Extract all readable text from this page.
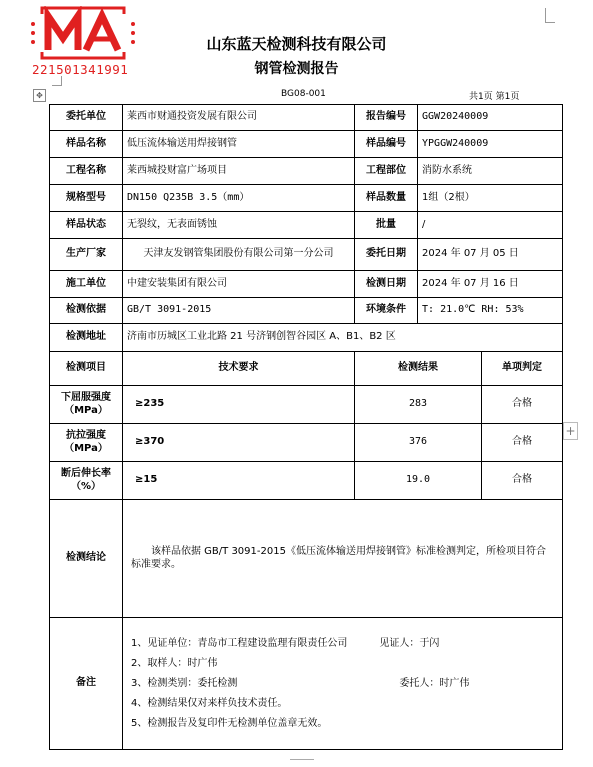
221501341991
山东蓝天检测科技有限公司
钢管检测报告
✥	BG08-001	共1页 第1页
委托单位	莱西市财通投资发展有限公司	报告编号	GGW20240009	
样品名称	低压流体输送用焊接钢管	样品编号	YPGGW240009	
工程名称	莱西城投财富广场项目	工程部位	消防水系统	
规格型号	DN150 Q235B 3.5（mm）	样品数量	1组（2根）	
样品状态	无裂纹，无表面锈蚀	批量	/	
生产厂家	天津友发钢管集团股份有限公司第一分公司	委托日期	2024 年 07 月 05 日	
施工单位	中建安装集团有限公司	检测日期	2024 年 07 月 16 日	
检测依据	GB/T 3091-2015	环境条件	T: 21.0℃ RH: 53%	
检测地址	济南市历城区工业北路 21 号济钢创智谷园区 A、B1、B2 区			
检测项目	技术要求	检测结果		单项判定
下屈服强度
（MPa）	≥235	283		合格
抗拉强度
（MPa）	≥370	376		合格
断后伸长率
（%）	≥15	19.0		合格
检测结论	该样品依据 GB/T 3091-2015《低压流体输送用焊接钢管》标准检测判定，所检项目符合标准要求。			

备注	1、见证单位：青岛市工程建设监理有限责任公司 见证人：于闪
2、取样人：时广伟
3、检测类别：委托检测 委托人：时广伟
4、检测结果仅对来样负技术责任。
5、检测报告及复印件无检测单位盖章无效。			
+
